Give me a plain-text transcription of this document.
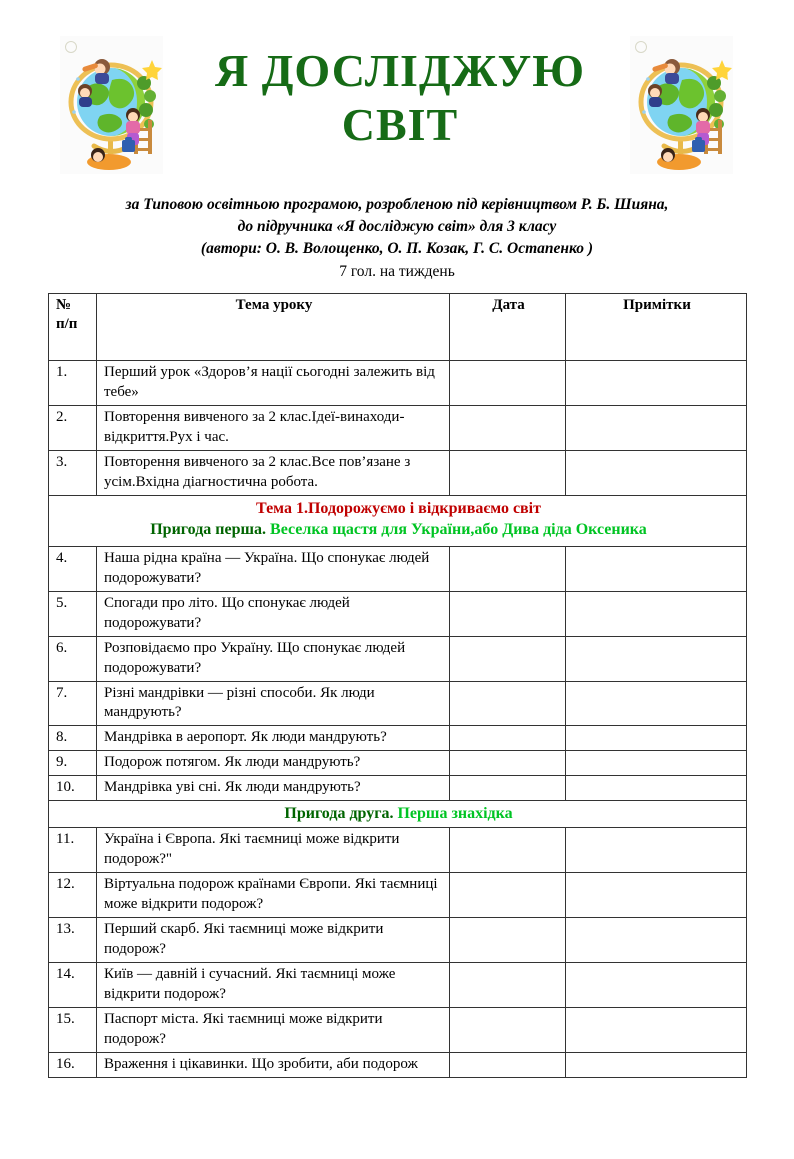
Я ДОСЛІДЖУЮ
СВІТ
за Типовою освітньою програмою, розробленою під керівництвом Р. Б. Шияна,
до підручника «Я досліджую світ» для 3 класу
(автори: О. В. Волощенко, О. П. Козак, Г. С. Остапенко )
7 гол. на тиждень
№
п/п	Тема уроку	Дата	Примітки
1.	Перший урок «Здоров’я нації сьогодні залежить від тебе»		
2.	Повторення вивченого за 2 клас.Ідеї-винаходи-відкриття.Рух і час.		
3.	Повторення вивченого за 2 клас.Все пов’язане з усім.Вхідна діагностична робота.		

Тема 1.Подорожуємо і відкриваємо світ
Пригода перша. Веселка щастя для України,або Дива діда Оксеника			

4.	Наша рідна країна — Україна. Що спонукає людей подорожувати?		
5.	Спогади про літо. Що спонукає людей подорожувати?		
6.	Розповідаємо про Україну. Що спонукає людей подорожувати?		
7.	Різні мандрівки — різні способи. Як люди мандрують?		
8.	Мандрівка в аеропорт. Як люди мандрують?		
9.	Подорож потягом. Як люди мандрують?		
10.	Мандрівка уві сні. Як люди мандрують?		

Пригода друга. Перша знахідка			

11.	Україна і Європа. Які таємниці може відкрити подорож?"		
12.	Віртуальна подорож країнами Європи. Які таємниці може відкрити подорож?		
13.	Перший скарб. Які таємниці може відкрити подорож?		
14.	Київ — давній і сучасний. Які таємниці може відкрити подорож?		
15.	Паспорт міста. Які таємниці може відкрити подорож?		
16.	Враження і цікавинки. Що зробити, аби подорож		
